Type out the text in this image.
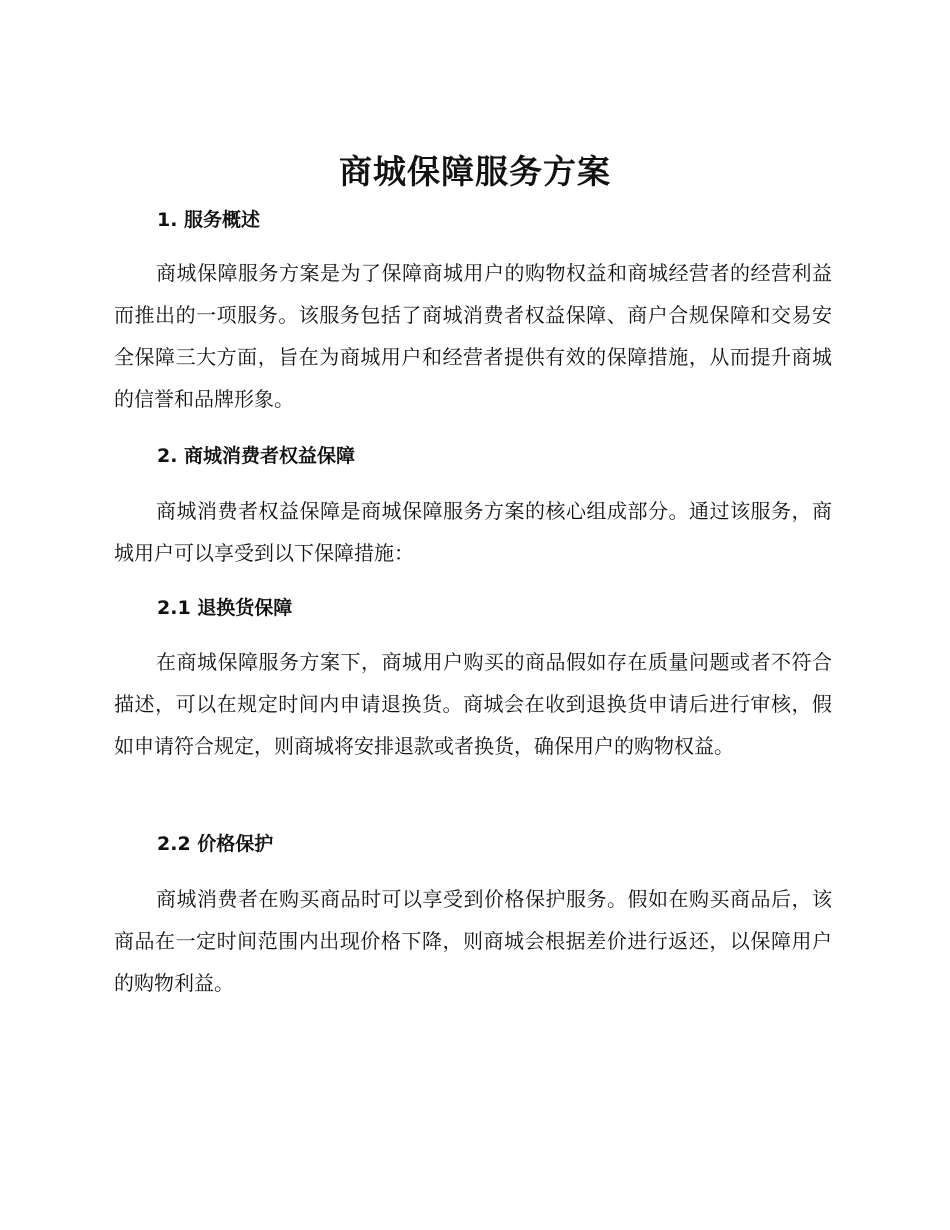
商城保障服务方案
1. 服务概述

商城保障服务方案是为了保障商城用户的购物权益和商城经营者的经营利益而推出的一项服务。该服务包括了商城消费者权益保障、商户合规保障和交易安全保障三大方面，旨在为商城用户和经营者提供有效的保障措施，从而提升商城的信誉和品牌形象。

2. 商城消费者权益保障

商城消费者权益保障是商城保障服务方案的核心组成部分。通过该服务，商城用户可以享受到以下保障措施：

2.1 退换货保障

在商城保障服务方案下，商城用户购买的商品假如存在质量问题或者不符合描述，可以在规定时间内申请退换货。商城会在收到退换货申请后进行审核，假如申请符合规定，则商城将安排退款或者换货，确保用户的购物权益。

2.2 价格保护

商城消费者在购买商品时可以享受到价格保护服务。假如在购买商品后，该商品在一定时间范围内出现价格下降，则商城会根据差价进行返还，以保障用户的购物利益。
